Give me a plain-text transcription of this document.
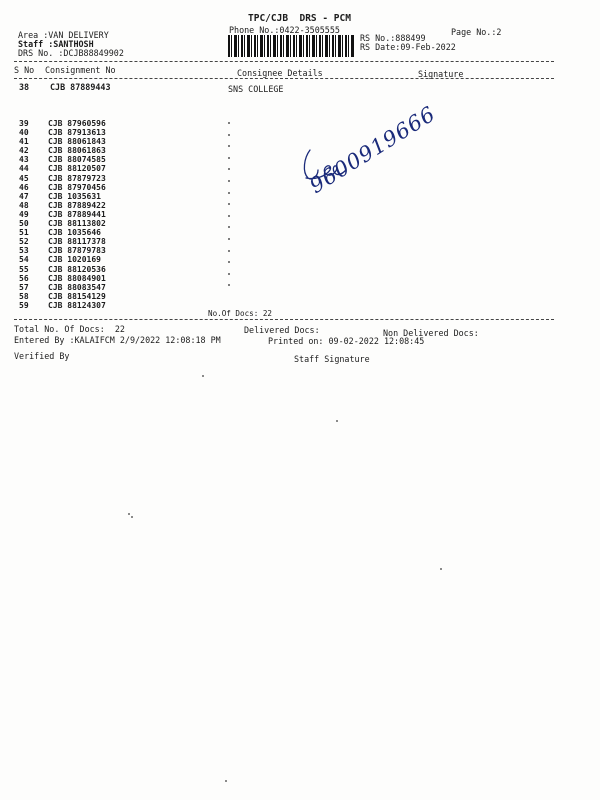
TPC/CJB  DRS - PCM
Phone No.:0422-3505555	Page No.:2
Area :VAN DELIVERY
Staff :SANTHOSH
DRS No. :DCJB88849902
RS No.:888499
RS Date:09-Feb-2022
S No Consignment No	Consignee Details	Signature
38 CJB 87889443	SNS COLLEGE
39	CJB 87960596
40	CJB 87913613
41	CJB 88061843
42	CJB 88061863
43	CJB 88074585
44	CJB 88120507
45	CJB 87879723
46	CJB 87970456
47	CJB 1035631
48	CJB 87889422
49	CJB 87889441
50	CJB 88113802
51	CJB 1035646
52	CJB 88117378
53	CJB 87879783
54	CJB 1020169
55	CJB 88120536
56	CJB 88084901
57	CJB 88083547
58	CJB 88154129
59	CJB 88124307
9600919666
No.Of Docs: 22
Total No. Of Docs:  22	Delivered Docs:	Non Delivered Docs:
Entered By :KALAIFCM 2/9/2022 12:08:18 PM	Printed on: 09-02-2022 12:08:45
Verified By	Staff Signature
